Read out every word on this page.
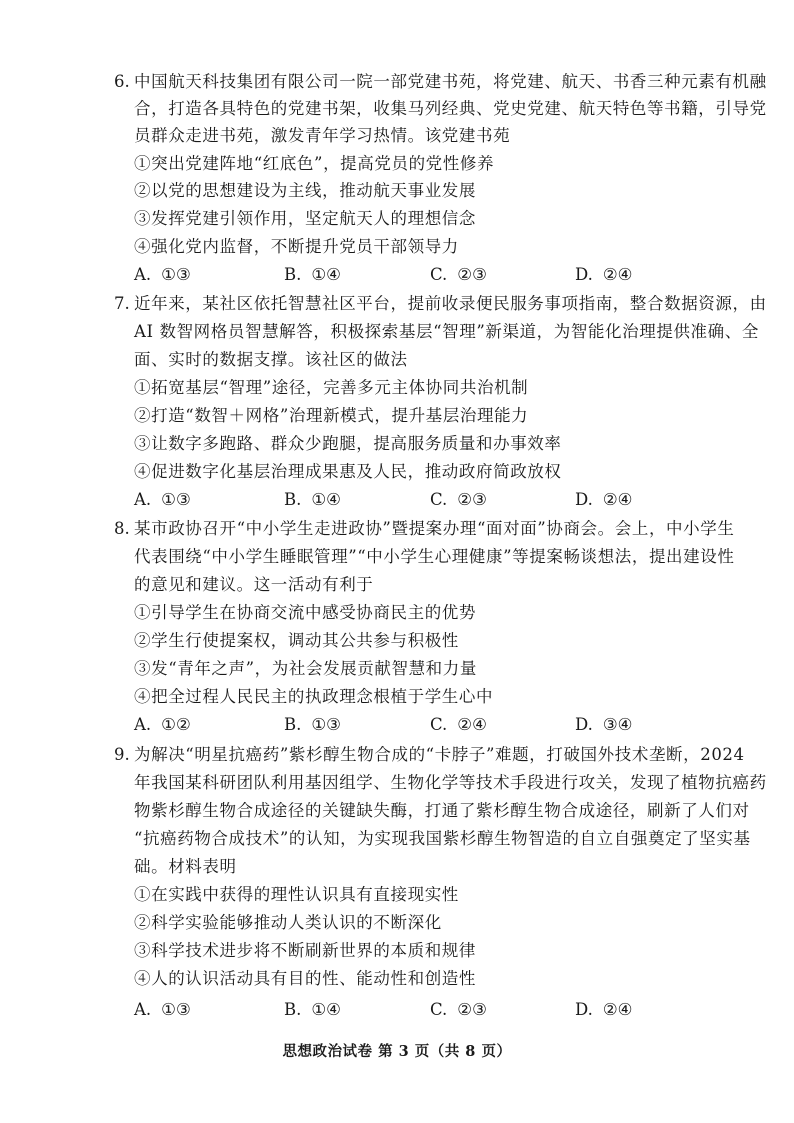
6. 中国航天科技集团有限公司一院一部党建书苑，将党建、航天、书香三种元素有机融
合，打造各具特色的党建书架，收集马列经典、党史党建、航天特色等书籍，引导党
员群众走进书苑，激发青年学习热情。该党建书苑
①突出党建阵地“红底色”，提高党员的党性修养
②以党的思想建设为主线，推动航天事业发展
③发挥党建引领作用，坚定航天人的理想信念
④强化党内监督，不断提升党员干部领导力
A. ①③	B. ①④	C. ②③	D. ②④
7. 近年来，某社区依托智慧社区平台，提前收录便民服务事项指南，整合数据资源，由
AI 数智网格员智慧解答，积极探索基层“智理”新渠道，为智能化治理提供准确、全
面、实时的数据支撑。该社区的做法
①拓宽基层“智理”途径，完善多元主体协同共治机制
②打造“数智＋网格”治理新模式，提升基层治理能力
③让数字多跑路、群众少跑腿，提高服务质量和办事效率
④促进数字化基层治理成果惠及人民，推动政府简政放权
A. ①③	B. ①④	C. ②③	D. ②④
8. 某市政协召开“中小学生走进政协”暨提案办理“面对面”协商会。会上，中小学生
代表围绕“中小学生睡眠管理”“中小学生心理健康”等提案畅谈想法，提出建设性
的意见和建议。这一活动有利于
①引导学生在协商交流中感受协商民主的优势
②学生行使提案权，调动其公共参与积极性
③发“青年之声”，为社会发展贡献智慧和力量
④把全过程人民民主的执政理念根植于学生心中
A. ①②	B. ①③	C. ②④	D. ③④
9. 为解决“明星抗癌药”紫杉醇生物合成的“卡脖子”难题，打破国外技术垄断，2024
年我国某科研团队利用基因组学、生物化学等技术手段进行攻关，发现了植物抗癌药
物紫杉醇生物合成途径的关键缺失酶，打通了紫杉醇生物合成途径，刷新了人们对
“抗癌药物合成技术”的认知，为实现我国紫杉醇生物智造的自立自强奠定了坚实基
础。材料表明
①在实践中获得的理性认识具有直接现实性
②科学实验能够推动人类认识的不断深化
③科学技术进步将不断刷新世界的本质和规律
④人的认识活动具有目的性、能动性和创造性
A. ①③	B. ①④	C. ②③	D. ②④
思想政治试卷 第 3 页（共 8 页）
